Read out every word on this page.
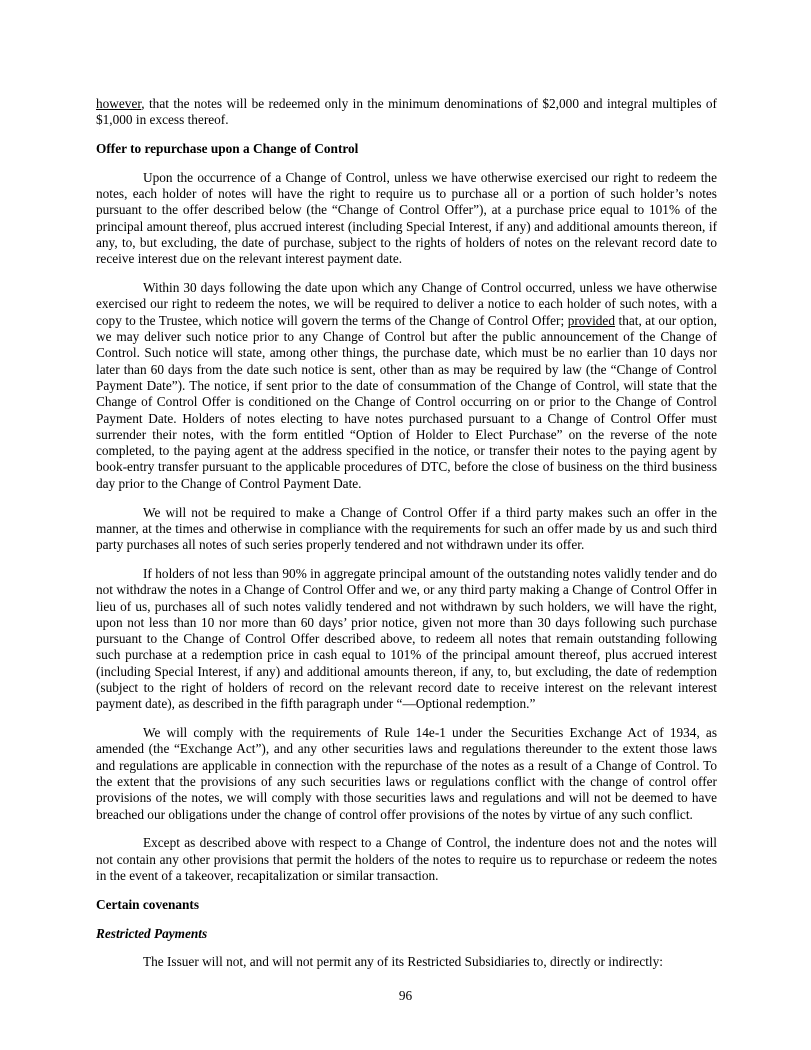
however, that the notes will be redeemed only in the minimum denominations of $2,000 and integral multiples of $1,000 in excess thereof.

Offer to repurchase upon a Change of Control

Upon the occurrence of a Change of Control, unless we have otherwise exercised our right to redeem the notes, each holder of notes will have the right to require us to purchase all or a portion of such holder’s notes pursuant to the offer described below (the “Change of Control Offer”), at a purchase price equal to 101% of the principal amount thereof, plus accrued interest (including Special Interest, if any) and additional amounts thereon, if any, to, but excluding, the date of purchase, subject to the rights of holders of notes on the relevant record date to receive interest due on the relevant interest payment date.

Within 30 days following the date upon which any Change of Control occurred, unless we have otherwise exercised our right to redeem the notes, we will be required to deliver a notice to each holder of such notes, with a copy to the Trustee, which notice will govern the terms of the Change of Control Offer; provided that, at our option, we may deliver such notice prior to any Change of Control but after the public announcement of the Change of Control. Such notice will state, among other things, the purchase date, which must be no earlier than 10 days nor later than 60 days from the date such notice is sent, other than as may be required by law (the “Change of Control Payment Date”). The notice, if sent prior to the date of consummation of the Change of Control, will state that the Change of Control Offer is conditioned on the Change of Control occurring on or prior to the Change of Control Payment Date. Holders of notes electing to have notes purchased pursuant to a Change of Control Offer must surrender their notes, with the form entitled “Option of Holder to Elect Purchase” on the reverse of the note completed, to the paying agent at the address specified in the notice, or transfer their notes to the paying agent by book-entry transfer pursuant to the applicable procedures of DTC, before the close of business on the third business day prior to the Change of Control Payment Date.

We will not be required to make a Change of Control Offer if a third party makes such an offer in the manner, at the times and otherwise in compliance with the requirements for such an offer made by us and such third party purchases all notes of such series properly tendered and not withdrawn under its offer.

If holders of not less than 90% in aggregate principal amount of the outstanding notes validly tender and do not withdraw the notes in a Change of Control Offer and we, or any third party making a Change of Control Offer in lieu of us, purchases all of such notes validly tendered and not withdrawn by such holders, we will have the right, upon not less than 10 nor more than 60 days’ prior notice, given not more than 30 days following such purchase pursuant to the Change of Control Offer described above, to redeem all notes that remain outstanding following such purchase at a redemption price in cash equal to 101% of the principal amount thereof, plus accrued interest (including Special Interest, if any) and additional amounts thereon, if any, to, but excluding, the date of redemption (subject to the right of holders of record on the relevant record date to receive interest on the relevant interest payment date), as described in the fifth paragraph under “—Optional redemption.”

We will comply with the requirements of Rule 14e-1 under the Securities Exchange Act of 1934, as amended (the “Exchange Act”), and any other securities laws and regulations thereunder to the extent those laws and regulations are applicable in connection with the repurchase of the notes as a result of a Change of Control. To the extent that the provisions of any such securities laws or regulations conflict with the change of control offer provisions of the notes, we will comply with those securities laws and regulations and will not be deemed to have breached our obligations under the change of control offer provisions of the notes by virtue of any such conflict.

Except as described above with respect to a Change of Control, the indenture does not and the notes will not contain any other provisions that permit the holders of the notes to require us to repurchase or redeem the notes in the event of a takeover, recapitalization or similar transaction.

Certain covenants
Restricted Payments

The Issuer will not, and will not permit any of its Restricted Subsidiaries to, directly or indirectly:

96
